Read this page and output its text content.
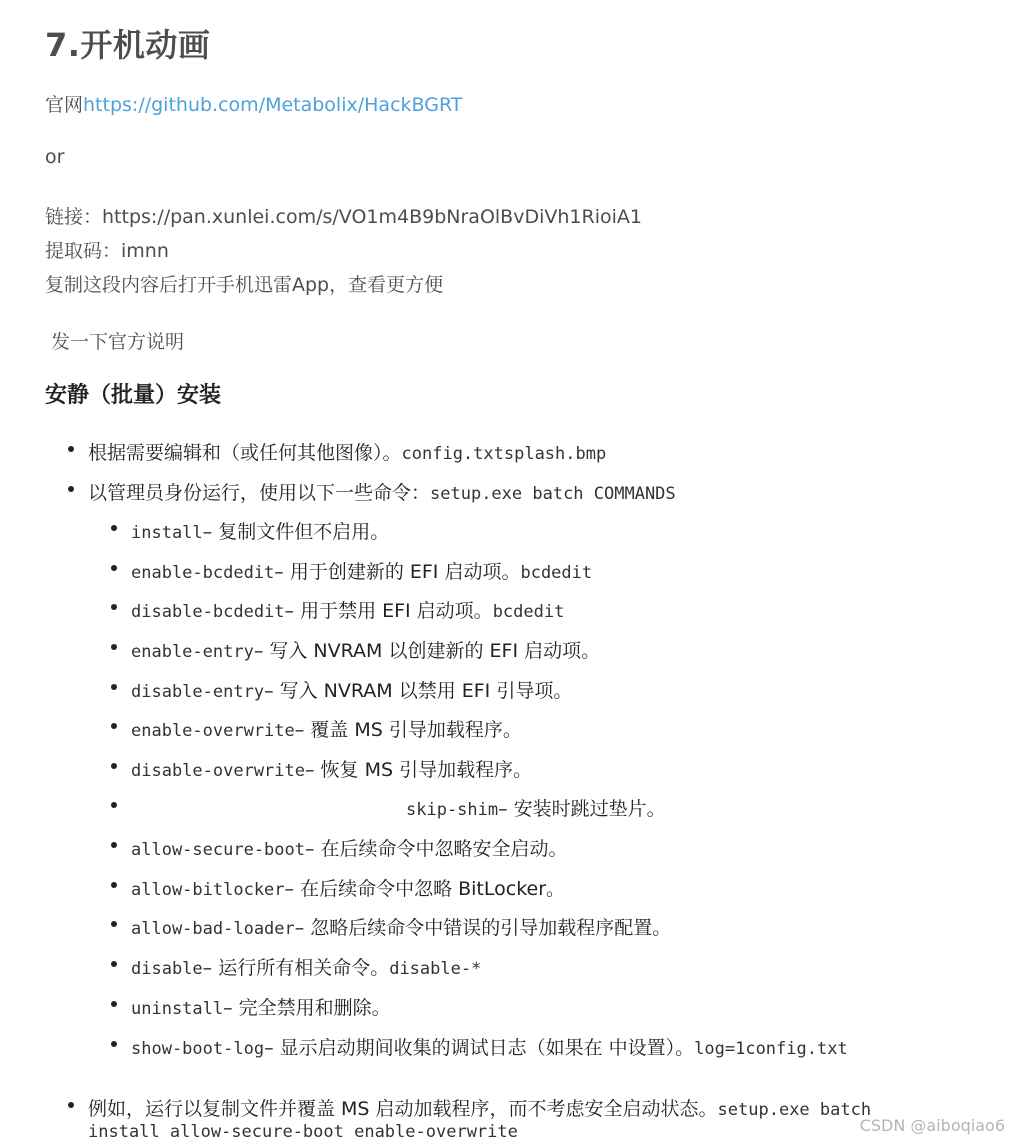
7.开机动画

官网https://github.com/Metabolix/HackBGRT

or

链接：https://pan.xunlei.com/s/VO1m4B9bNraOlBvDiVh1RioiA1

提取码：imnn

复制这段内容后打开手机迅雷App，查看更方便

发一下官方说明

安静（批量）安装
根据需要编辑和（或任何其他图像）。config.txtsplash.bmp
以管理员身份运行，使用以下一些命令：setup.exe batch COMMANDS
install– 复制文件但不启用。
enable-bcdedit– 用于创建新的 EFI 启动项。bcdedit
disable-bcdedit– 用于禁用 EFI 启动项。bcdedit
enable-entry– 写入 NVRAM 以创建新的 EFI 启动项。
disable-entry– 写入 NVRAM 以禁用 EFI 引导项。
enable-overwrite– 覆盖 MS 引导加载程序。
disable-overwrite– 恢复 MS 引导加载程序。
skip-shim– 安装时跳过垫片。
allow-secure-boot– 在后续命令中忽略安全启动。
allow-bitlocker– 在后续命令中忽略 BitLocker。
allow-bad-loader– 忽略后续命令中错误的引导加载程序配置。
disable– 运行所有相关命令。disable-*
uninstall– 完全禁用和删除。
show-boot-log– 显示启动期间收集的调试日志（如果在 中设置）。log=1config.txt
例如，运行以复制文件并覆盖 MS 启动加载程序，而不考虑安全启动状态。setup.exe batch
install allow-secure-boot enable-overwrite	CSDN @aiboqiao6
